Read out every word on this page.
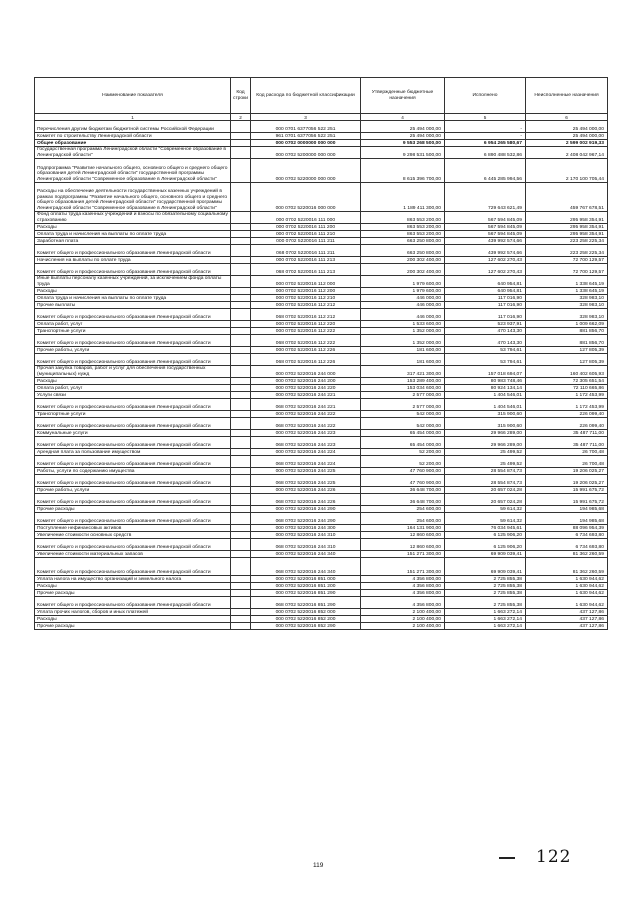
Наименование показателя	Код строки	Код расхода по бюджетной классификации	Утвержденные бюджетные назначения	Исполнено	Неисполненные назначения
1	2	3	4	5	6
Перечисления другим бюджетам бюджетной системы Российской Федерации		000 0701 6377056 522 251	25 494 000,00	-	25 494 000,00
Комитет по строительству Ленинградской области		961 0701 6377056 522 251	25 494 000,00	-	25 494 000,00
Общее образование		000 0702 0000000 000 000	9 553 268 500,00	6 954 265 580,67	2 599 002 919,33
Государственная программа Ленинградской области "Современное образование в Ленинградской области"		000 0702 5200000 000 000	9 298 531 500,00	6 890 488 532,86	2 408 042 967,14
Подпрограмма "Развитие начального общего, основного общего и среднего общего образования детей Ленинградской области" государственной программы Ленинградской области "Современное образование в Ленинградской области"		000 0702 5220000 000 000	8 615 396 700,00	6 445 285 994,56	2 170 100 705,44
Расходы на обеспечение деятельности государственных казенных учреждений в рамках подпрограммы "Развитие начального общего, основного общего и среднего общего образования детей Ленинградской области" государственной программы Ленинградской области "Современное образование в Ленинградской области"		000 0702 5220016 000 000	1 189 411 300,00	729 643 621,49	459 767 678,51
Фонд оплаты труда казенных учреждений и взносы по обязательному социальному страхованию		000 0702 5220016 111 000	863 553 200,00	567 594 845,09	295 958 354,91
Расходы		000 0702 5220016 111 200	863 553 200,00	567 594 845,09	295 958 354,91
Оплата труда и начисления на выплаты по оплате труда		000 0702 5220016 111 210	863 553 200,00	567 594 845,09	295 958 354,91
Заработная плата		000 0702 5220016 111 211	663 250 800,00	439 992 574,66	223 258 225,34
Комитет общего и профессионального образования Ленинградской области		068 0702 5220016 111 211	663 250 800,00	439 992 574,66	223 258 225,34
Начисления на выплаты по оплате труда		000 0702 5220016 111 213	200 302 400,00	127 602 270,43	72 700 129,57
Комитет общего и профессионального образования Ленинградской области		068 0702 5220016 111 213	200 302 400,00	127 602 270,43	72 700 129,57
Иные выплаты персоналу казенных учреждений, за исключением фонда оплаты труда		000 0702 5220016 112 000	1 979 600,00	640 954,81	1 338 645,19
Расходы		000 0702 5220016 112 200	1 979 600,00	640 954,81	1 338 645,19
Оплата труда и начисления на выплаты по оплате труда		000 0702 5220016 112 210	446 000,00	117 016,90	328 983,10
Прочие выплаты		000 0702 5220016 112 212	446 000,00	117 016,90	328 983,10
Комитет общего и профессионального образования Ленинградской области		068 0702 5220016 112 212	446 000,00	117 016,90	328 983,10
Оплата работ, услуг		000 0702 5220016 112 220	1 533 600,00	523 937,91	1 009 662,09
Транспортные услуги		000 0702 5220016 112 222	1 352 000,00	470 143,30	881 856,70
Комитет общего и профессионального образования Ленинградской области		068 0702 5220016 112 222	1 352 000,00	470 143,30	881 856,70
Прочие работы, услуги		000 0702 5220016 112 226	181 600,00	53 794,61	127 805,39
Комитет общего и профессионального образования Ленинградской области		068 0702 5220016 112 226	181 600,00	53 794,61	127 805,39
Прочая закупка товаров, работ и услуг для обеспечения государственных (муниципальных) нужд		000 0702 5220016 244 000	317 421 300,00	157 018 694,07	160 402 605,93
Расходы		000 0702 5220016 244 200	153 289 400,00	80 983 748,46	72 305 651,54
Оплата работ, услуг		000 0702 5220016 244 220	153 034 600,00	80 924 134,14	72 110 665,86
Услуги связи		000 0702 5220016 244 221	2 577 000,00	1 404 546,01	1 172 453,99
Комитет общего и профессионального образования Ленинградской области		068 0702 5220016 244 221	2 577 000,00	1 404 546,01	1 172 453,99
Транспортные услуги		000 0702 5220016 244 222	542 000,00	315 900,60	226 099,40
Комитет общего и профессионального образования Ленинградской области		068 0702 5220016 244 222	542 000,00	315 900,60	226 099,40
Коммунальные услуги		000 0702 5220016 244 223	65 454 000,00	29 966 289,00	35 487 711,00
Комитет общего и профессионального образования Ленинградской области		068 0702 5220016 244 223	65 454 000,00	29 966 289,00	35 487 711,00
Арендная плата за пользование имуществом		000 0702 5220016 244 224	52 200,00	25 499,52	26 700,48
Комитет общего и профессионального образования Ленинградской области		068 0702 5220016 244 224	52 200,00	25 499,52	26 700,48
Работы, услуги по содержанию имущества		000 0702 5220016 244 225	47 760 900,00	28 554 874,73	19 206 025,27
Комитет общего и профессионального образования Ленинградской области		068 0702 5220016 244 225	47 760 900,00	28 554 874,73	19 206 025,27
Прочие работы, услуги		000 0702 5220016 244 226	36 648 700,00	20 657 024,28	15 991 675,72
Комитет общего и профессионального образования Ленинградской области		068 0702 5220016 244 226	36 648 700,00	20 657 024,28	15 991 675,72
Прочие расходы		000 0702 5220016 244 290	254 600,00	59 614,32	194 985,68
Комитет общего и профессионального образования Ленинградской области		068 0702 5220016 244 290	254 600,00	59 614,32	194 985,68
Поступление нефинансовых активов		000 0702 5220016 244 300	164 131 900,00	76 034 945,61	88 096 954,39
Увеличение стоимости основных средств		000 0702 5220016 244 310	12 860 600,00	6 125 906,20	6 734 693,80
Комитет общего и профессионального образования Ленинградской области		068 0702 5220016 244 310	12 860 600,00	6 125 906,20	6 734 693,80
Увеличение стоимости материальных запасов		000 0702 5220016 244 340	151 271 300,00	69 909 039,41	81 362 260,59
Комитет общего и профессионального образования Ленинградской области		068 0702 5220016 244 340	151 271 300,00	69 909 039,41	81 362 260,59
Уплата налога на имущество организаций и земельного налога		000 0702 5220016 851 000	4 356 800,00	2 725 855,38	1 630 944,62
Расходы		000 0702 5220016 851 200	4 356 800,00	2 725 855,38	1 630 944,62
Прочие расходы		000 0702 5220016 851 290	4 356 800,00	2 725 855,38	1 630 944,62
Комитет общего и профессионального образования Ленинградской области		068 0702 5220016 851 290	4 356 800,00	2 725 855,38	1 630 944,62
Уплата прочих налогов, сборов и иных платежей		000 0702 5220016 852 000	2 100 400,00	1 663 272,14	437 127,86
Расходы		000 0702 5220016 852 200	2 100 400,00	1 663 272,14	437 127,86
Прочие расходы		000 0702 5220016 852 290	2 100 400,00	1 663 272,14	437 127,86
119	122
